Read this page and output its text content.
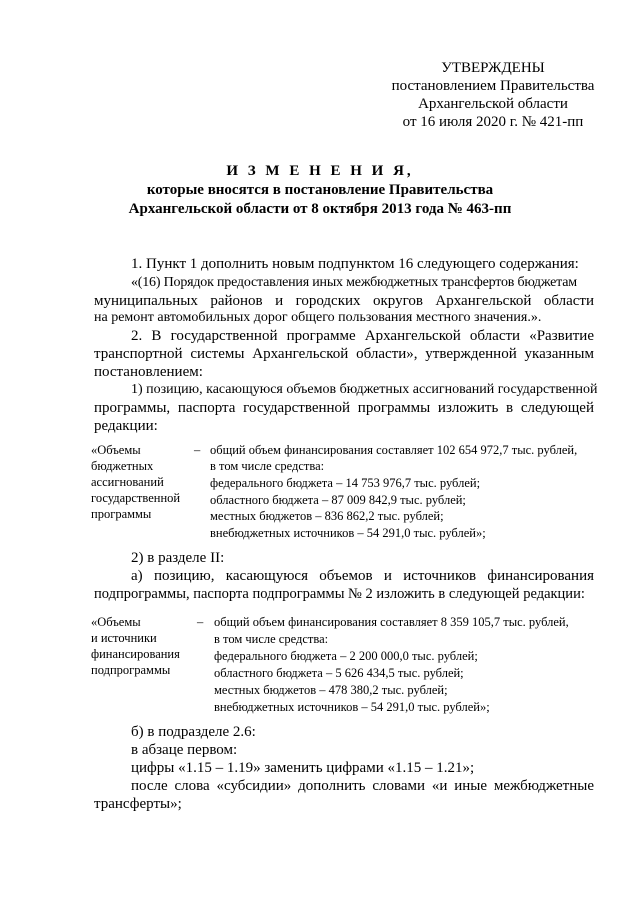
УТВЕРЖДЕНЫ
постановлением Правительства
Архангельской области
от 16 июля 2020 г. № 421-пп
И З М Е Н Е Н И Я,
которые вносятся в постановление Правительства
Архангельской области от 8 октября 2013 года № 463-пп
1. Пункт 1 дополнить новым подпунктом 16 следующего содержания:
«(16) Порядок предоставления иных межбюджетных трансфертов бюджетам
муниципальных районов и городских округов Архангельской области
на ремонт автомобильных дорог общего пользования местного значения.».
2. В государственной программе Архангельской области «Развитие
транспортной системы Архангельской области», утвержденной указанным
постановлением:
1) позицию, касающуюся объемов бюджетных ассигнований государственной
программы, паспорта государственной программы изложить в следующей
редакции:
«Объемы
бюджетных
ассигнований
государственной
программы
– общий объем финансирования составляет 102 654 972,7 тыс. рублей,
в том числе средства:
федерального бюджета – 14 753 976,7 тыс. рублей;
областного бюджета – 87 009 842,9 тыс. рублей;
местных бюджетов – 836 862,2 тыс. рублей;
внебюджетных источников – 54 291,0 тыс. рублей»;
2) в разделе II:
а) позицию, касающуюся объемов и источников финансирования
подпрограммы, паспорта подпрограммы № 2 изложить в следующей редакции:
«Объемы
и источники
финансирования
подпрограммы
– общий объем финансирования составляет 8 359 105,7 тыс. рублей,
в том числе средства:
федерального бюджета – 2 200 000,0 тыс. рублей;
областного бюджета – 5 626 434,5 тыс. рублей;
местных бюджетов – 478 380,2 тыс. рублей;
внебюджетных источников – 54 291,0 тыс. рублей»;
б) в подразделе 2.6:
в абзаце первом:
цифры «1.15 – 1.19» заменить цифрами «1.15 – 1.21»;
после слова «субсидии» дополнить словами «и иные межбюджетные
трансферты»;
